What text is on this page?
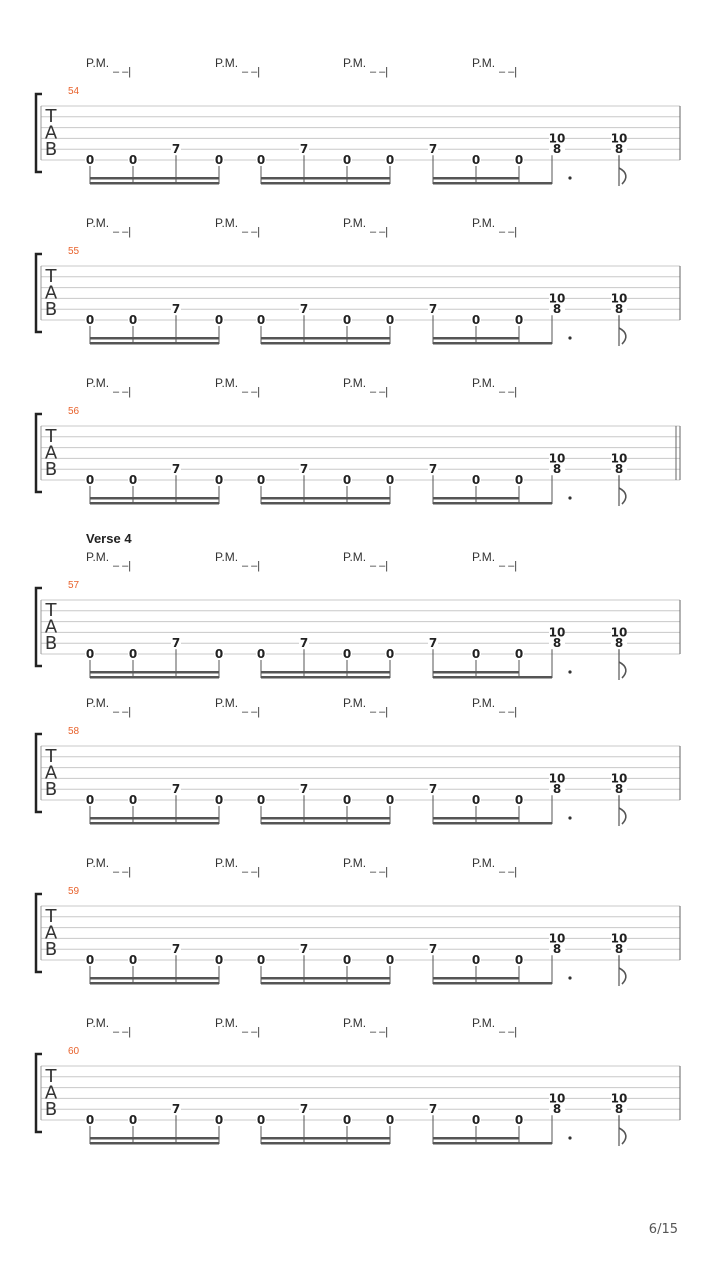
P.M.
– –|
P.M.
– –|
P.M.
– –|
P.M.
– –|
54
T
A
B 0	0
7
0	0
7
0	0
7
0	0
10
8
10
8
P.M.
– –|
P.M.
– –|
P.M.
– –|
P.M.
– –|
55
T
A
B 0	0
7
0	0
7
0	0
7
0	0
10
8
10
8
P.M.
– –|
P.M.
– –|
P.M.
– –|
P.M.
– –|
56
T
A
B 0	0
7
0	0
7
0	0
7
0	0
10
8
10
8
Verse 4
P.M.
– –|
P.M.
– –|
P.M.
– –|
P.M.
– –|
57
T
A
B 0	0
7
0	0
7
0	0
7
0	0
10
8
10
8
P.M.
– –|
P.M.
– –|
P.M.
– –|
P.M.
– –|
58
T
A
B 0	0
7
0	0
7
0	0
7
0	0
10
8
10
8
P.M.
– –|
P.M.
– –|
P.M.
– –|
P.M.
– –|
59
T
A
B 0	0
7
0	0
7
0	0
7
0	0
10
8
10
8
P.M.
– –|
P.M.
– –|
P.M.
– –|
P.M.
– –|
60
T
A
B 0	0
7
0	0
7
0	0
7
0	0
10
8
10
8
6/15
